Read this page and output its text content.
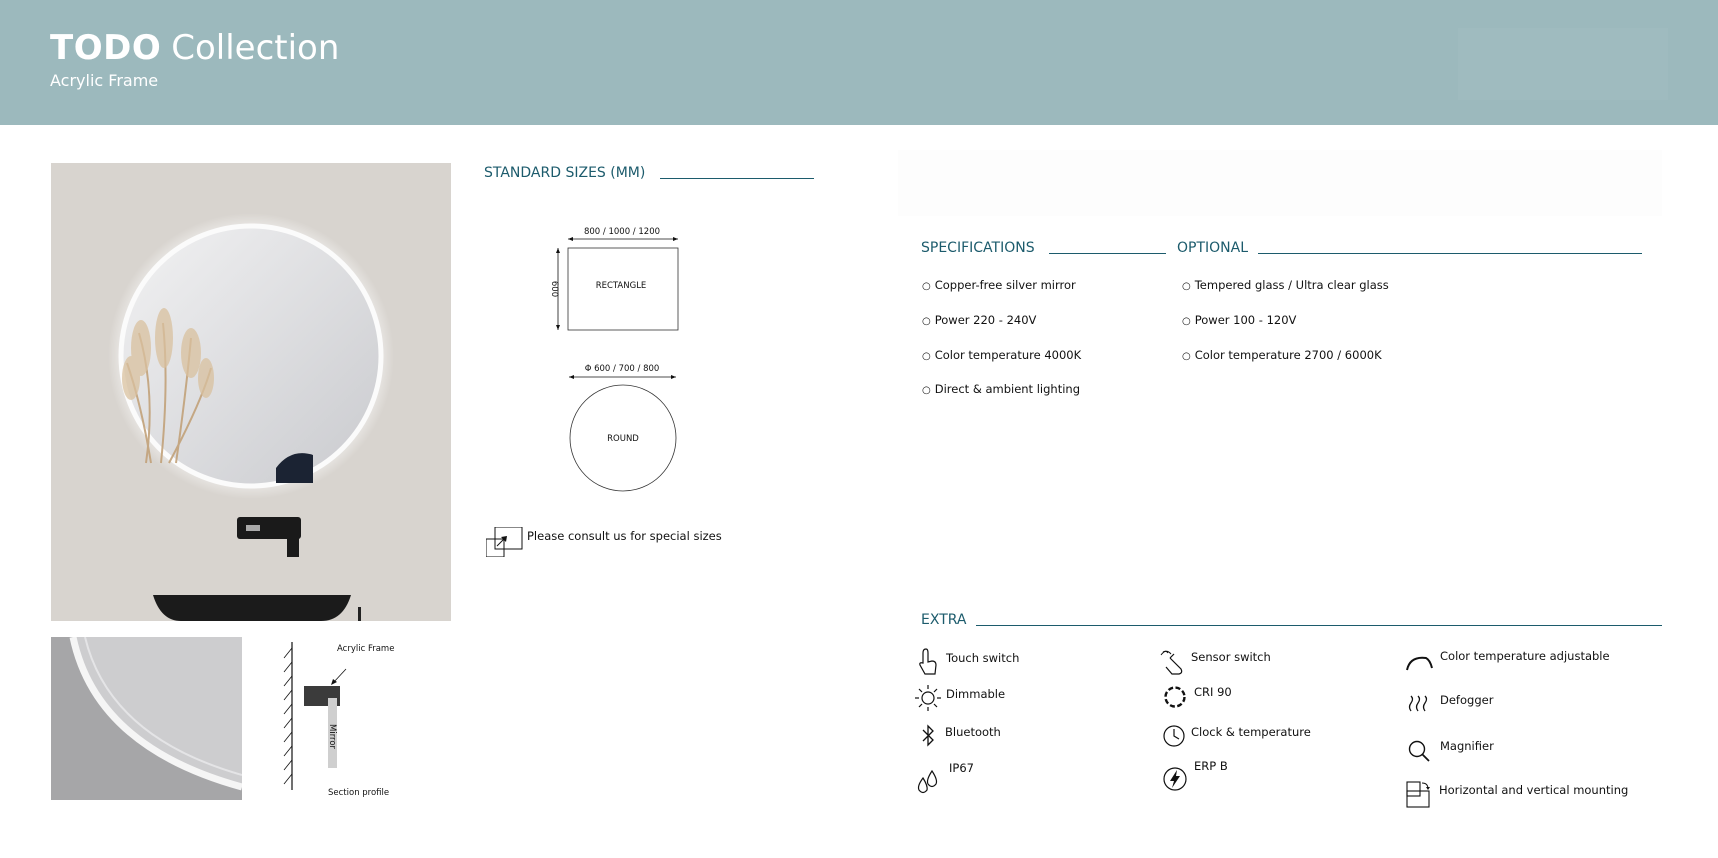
TODO Collection
Acrylic Frame
Acrylic Frame
Mirror
Section profile
STANDARD SIZES (MM)
800 / 1000 / 1200
600	RECTANGLE
Φ 600 / 700 / 800
ROUND
Please consult us for special sizes
SPECIFICATIONS
○ Copper-free silver mirror
○ Power 220 - 240V
○ Color temperature 4000K
○ Direct & ambient lighting
OPTIONAL
○ Tempered glass / Ultra clear glass
○ Power 100 - 120V
○ Color temperature 2700 / 6000K
EXTRA
Touch switch
Dimmable
Bluetooth
IP67
Sensor switch
CRI 90
Clock & temperature
ERP B
Color temperature adjustable
Defogger
Magnifier
Horizontal and vertical mounting
